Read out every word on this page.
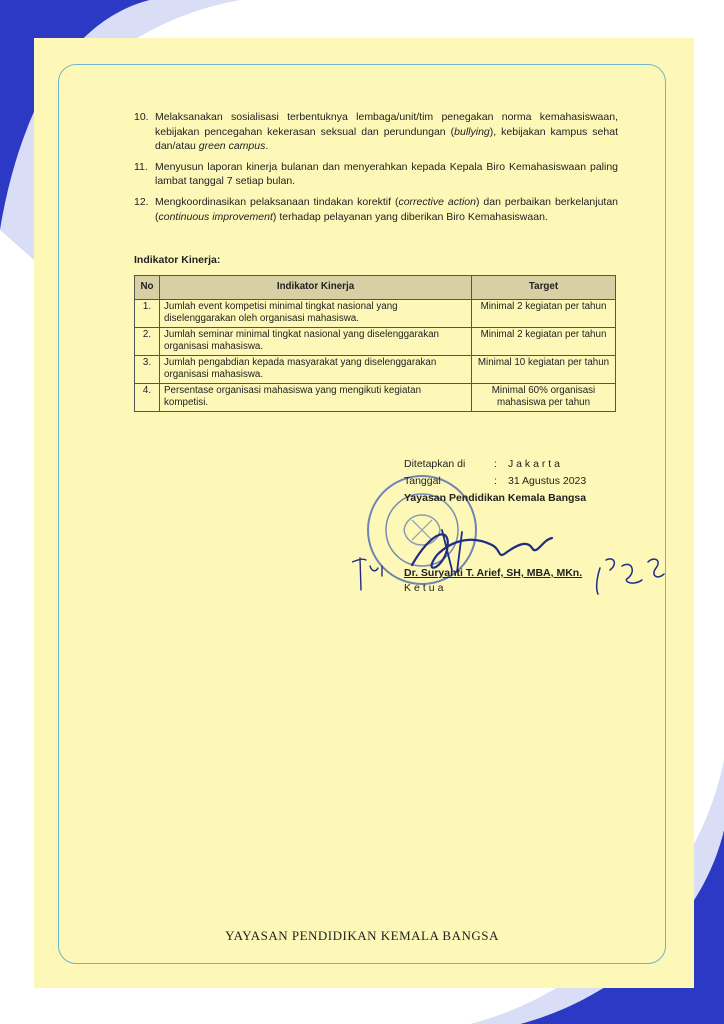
10. Melaksanakan sosialisasi terbentuknya lembaga/unit/tim penegakan norma kemahasiswaan, kebijakan pencegahan kekerasan seksual dan perundungan (bullying), kebijakan kampus sehat dan/atau green campus.
11. Menyusun laporan kinerja bulanan dan menyerahkan kepada Kepala Biro Kemahasiswaan paling lambat tanggal 7 setiap bulan.
12. Mengkoordinasikan pelaksanaan tindakan korektif (corrective action) dan perbaikan berkelanjutan (continuous improvement) terhadap pelayanan yang diberikan Biro Kemahasiswaan.
Indikator Kinerja:
No	Indikator Kinerja	Target
1.	Jumlah event kompetisi minimal tingkat nasional yang diselenggarakan oleh organisasi mahasiswa.	Minimal 2 kegiatan per tahun
2.	Jumlah seminar minimal tingkat nasional yang diselenggarakan organisasi mahasiswa.	Minimal 2 kegiatan per tahun
3.	Jumlah pengabdian kepada masyarakat yang diselenggarakan organisasi mahasiswa.	Minimal 10 kegiatan per tahun
4.	Persentase organisasi mahasiswa yang mengikuti kegiatan kompetisi.	Minimal 60% organisasi mahasiswa per tahun
Ditetapkan di	: J a k a r t a
Tanggal	: 31 Agustus 2023
Yayasan Pendidikan Kemala Bangsa
Dr. Suryanti T. Arief, SH, MBA, MKn.
Ketua
YAYASAN PENDIDIKAN KEMALA BANGSA
